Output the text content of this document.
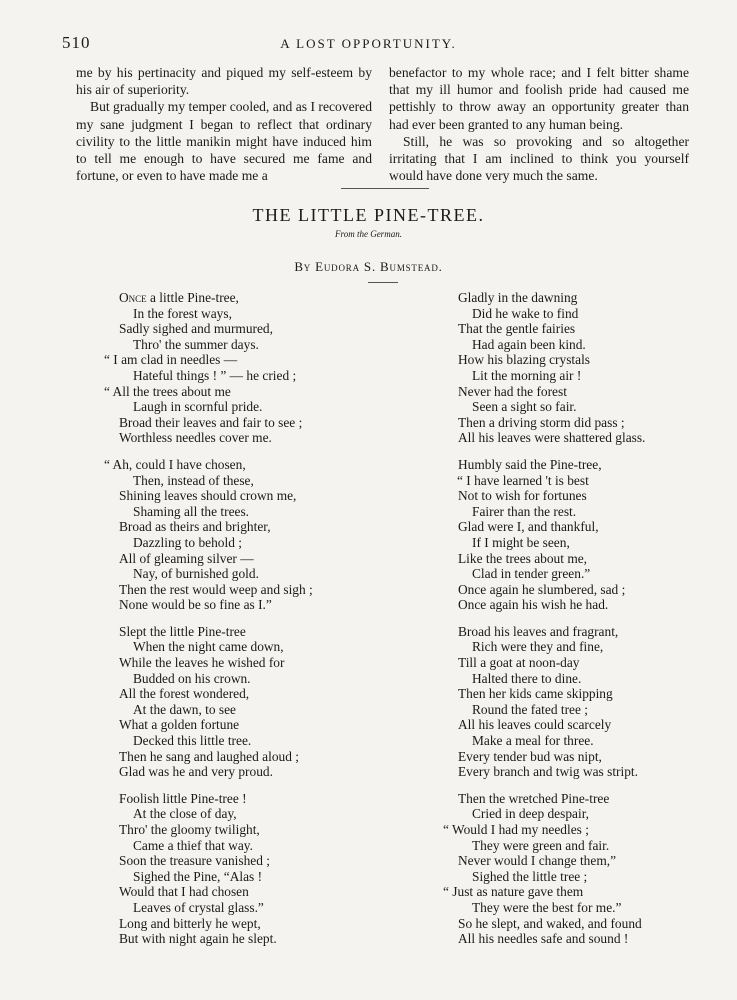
510	A LOST OPPORTUNITY.

me by his pertinacity and piqued my self-esteem by his air of superiority.

But gradually my temper cooled, and as I recovered my sane judgment I began to reflect that ordinary civility to the little manikin might have induced him to tell me enough to have secured me fame and fortune, or even to have made me a

benefactor to my whole race; and I felt bitter shame that my ill humor and foolish pride had caused me pettishly to throw away an opportunity greater than had ever been granted to any human being.

Still, he was so provoking and so altogether irritating that I am inclined to think you yourself would have done very much the same.

THE LITTLE PINE-TREE.
From the German.
By Eudora S. Bumstead.
Once a little Pine-tree,
In the forest ways,
Sadly sighed and murmured,
Thro' the summer days.
“ I am clad in needles —
Hateful things ! ” — he cried ;
“ All the trees about me
Laugh in scornful pride.
Broad their leaves and fair to see ;
Worthless needles cover me.
“ Ah, could I have chosen,
Then, instead of these,
Shining leaves should crown me,
Shaming all the trees.
Broad as theirs and brighter,
Dazzling to behold ;
All of gleaming silver —
Nay, of burnished gold.
Then the rest would weep and sigh ;
None would be so fine as I.”
Slept the little Pine-tree
When the night came down,
While the leaves he wished for
Budded on his crown.
All the forest wondered,
At the dawn, to see
What a golden fortune
Decked this little tree.
Then he sang and laughed aloud ;
Glad was he and very proud.
Foolish little Pine-tree !
At the close of day,
Thro' the gloomy twilight,
Came a thief that way.
Soon the treasure vanished ;
Sighed the Pine, “Alas !
Would that I had chosen
Leaves of crystal glass.”
Long and bitterly he wept,
But with night again he slept.
Gladly in the dawning
Did he wake to find
That the gentle fairies
Had again been kind.
How his blazing crystals
Lit the morning air !
Never had the forest
Seen a sight so fair.
Then a driving storm did pass ;
All his leaves were shattered glass.
Humbly said the Pine-tree,
“ I have learned 't is best
Not to wish for fortunes
Fairer than the rest.
Glad were I, and thankful,
If I might be seen,
Like the trees about me,
Clad in tender green.”
Once again he slumbered, sad ;
Once again his wish he had.
Broad his leaves and fragrant,
Rich were they and fine,
Till a goat at noon-day
Halted there to dine.
Then her kids came skipping
Round the fated tree ;
All his leaves could scarcely
Make a meal for three.
Every tender bud was nipt,
Every branch and twig was stript.
Then the wretched Pine-tree
Cried in deep despair,
“ Would I had my needles ;
They were green and fair.
Never would I change them,”
Sighed the little tree ;
“ Just as nature gave them
They were the best for me.”
So he slept, and waked, and found
All his needles safe and sound !
